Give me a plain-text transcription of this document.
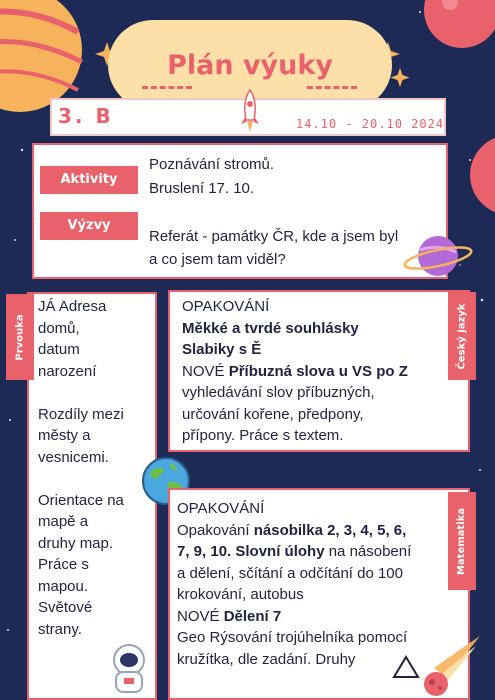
Plán výuky
3. B	14.10 - 20.10 2024
Aktivity
Výzvy
Poznávání stromů.
Bruslení 17. 10.
Referát - památky ČR, kde a jsem byl
a co jsem tam viděl?
Prvouka
JÁ Adresa
domů,
datum
narození

Rozdíly mezi
městy a
vesnicemi.

Orientace na
mapě a
druhy map.
Práce s
mapou.
Světové
strany.
Český jazyk
OPAKOVÁNÍ
Měkké a tvrdé souhlásky
Slabiky s Ě
NOVÉ Příbuzná slova u VS po Z
vyhledávání slov příbuzných,
určování kořene, předpony,
přípony. Práce s textem.
Matematika
OPAKOVÁNÍ
Opakování násobilka 2, 3, 4, 5, 6,
7, 9, 10. Slovní úlohy na násobení
a dělení, sčítání a odčítání do 100
krokování, autobus
NOVÉ Dělení 7
Geo Rýsování trojúhelníka pomocí
kružítka, dle zadání. Druhy
